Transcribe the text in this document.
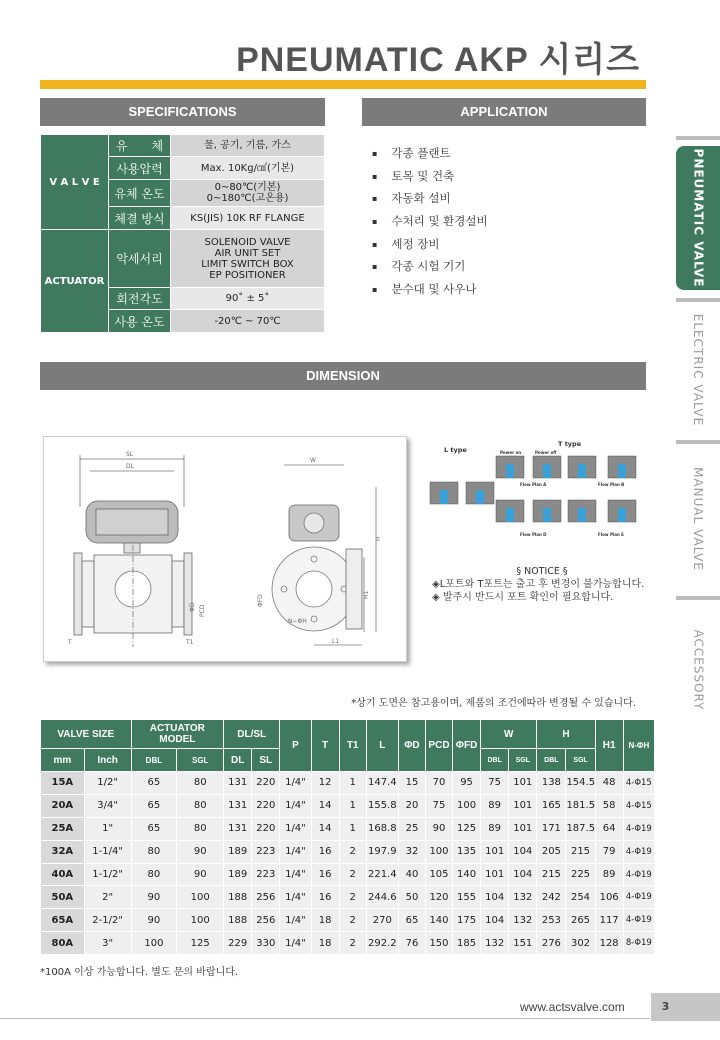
PNEUMATIC AKP 시리즈
SPECIFICATIONS	APPLICATION
DIMENSION
V A L V E	유　　체	물, 공기, 기름, 가스
	사용압력	Max. 10Kg/㎠(기본)
	유체 온도	0~80℃(기본)
0~180℃(고온용)
	체결 방식	KS(JIS) 10K RF FLANGE
ACTUATOR	악세서리	SOLENOID VALVE
AIR UNIT SET
LIMIT SWITCH BOX
EP POSITIONER
	회전각도	90˚ ± 5˚
	사용 온도	-20℃ ~ 70℃
▪ 각종 플랜트
▪ 토목 및 건축
▪ 자동화 설비
▪ 수처리 및 환경설비
▪ 세정 장비
▪ 각종 시험 기기
▪ 분수대 및 사우나
PNEUMATIC VALVE
ELECTRIC VALVE
MANUAL VALVE
ACCESSORY
SL
DL
T	T1
ΦD PCD
W
H
H1
ΦFD
L1
N−ΦH
L type
T type
Power on	Power off
Flow Plan A	Flow Plan B
Flow Plan D	Flow Plan E
§ NOTICE §
◈L포트와 T포트는 출고 후 변경이 불가능합니다.
◈ 발주시 반드시 포트 확인이 필요합니다.
*상기 도면은 참고용이며, 제품의 조건에따라 변경될 수 있습니다.
VALVE SIZE		ACTUATOR MODEL		DL/SL		P	T	T1	L	ΦD	PCD	ΦFD	W		H		H1	N-ΦH
mm	Inch	DBL	SGL	DL	SL								DBL	SGL	DBL	SGL		
15A	1/2"	65	80	131	220	1/4"	12	1	147.4	15	70	95	75	101	138	154.5	48	4-Φ15
20A	3/4"	65	80	131	220	1/4"	14	1	155.8	20	75	100	89	101	165	181.5	58	4-Φ15
25A	1"	65	80	131	220	1/4"	14	1	168.8	25	90	125	89	101	171	187.5	64	4-Φ19
32A	1-1/4"	80	90	189	223	1/4"	16	2	197.9	32	100	135	101	104	205	215	79	4-Φ19
40A	1-1/2"	80	90	189	223	1/4"	16	2	221.4	40	105	140	101	104	215	225	89	4-Φ19
50A	2"	90	100	188	256	1/4"	16	2	244.6	50	120	155	104	132	242	254	106	4-Φ19
65A	2-1/2"	90	100	188	256	1/4"	18	2	270	65	140	175	104	132	253	265	117	4-Φ19
80A	3"	100	125	229	330	1/4"	18	2	292.2	76	150	185	132	151	276	302	128	8-Φ19
*100A 이상 가능합니다. 별도 문의 바랍니다.
www.actsvalve.com	3
